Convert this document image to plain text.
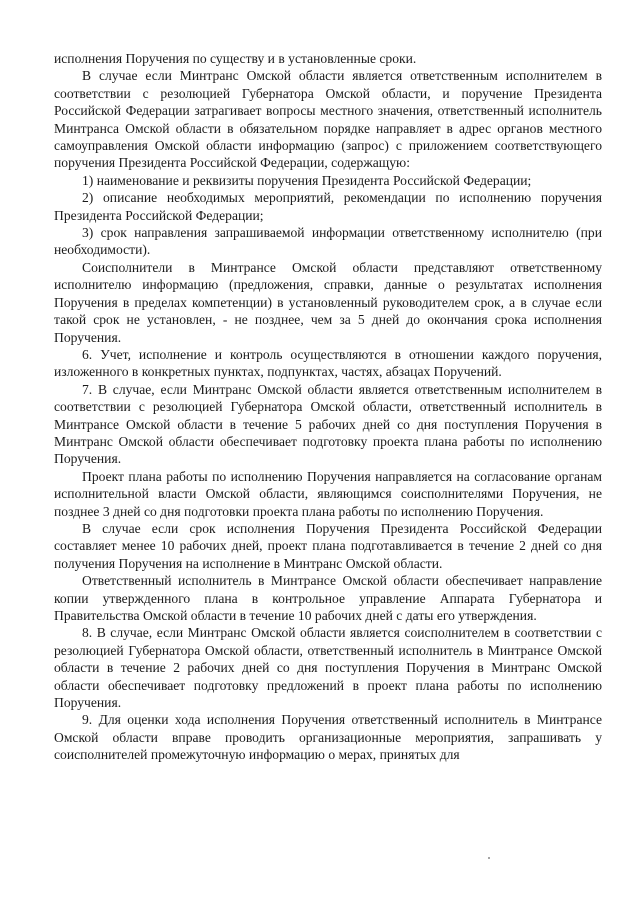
исполнения Поручения по существу и в установленные сроки.

В случае если Минтранс Омской области является ответственным исполнителем в соответствии с резолюцией Губернатора Омской области, и поручение Президента Российской Федерации затрагивает вопросы местного значения, ответственный исполнитель Минтранса Омской области в обязательном порядке направляет в адрес органов местного самоуправления Омской области информацию (запрос) с приложением соответствующего поручения Президента Российской Федерации, содержащую:

1) наименование и реквизиты поручения Президента Российской Федерации;

2) описание необходимых мероприятий, рекомендации по исполнению поручения Президента Российской Федерации;

3) срок направления запрашиваемой информации ответственному исполнителю (при необходимости).

Соисполнители в Минтрансе Омской области представляют ответственному исполнителю информацию (предложения, справки, данные о результатах исполнения Поручения в пределах компетенции) в установленный руководителем срок, а в случае если такой срок не установлен, - не позднее, чем за 5 дней до окончания срока исполнения Поручения.

6. Учет, исполнение и контроль осуществляются в отношении каждого поручения, изложенного в конкретных пунктах, подпунктах, частях, абзацах Поручений.

7. В случае, если Минтранс Омской области является ответственным исполнителем в соответствии с резолюцией Губернатора Омской области, ответственный исполнитель в Минтрансе Омской области в течение 5 рабочих дней со дня поступления Поручения в Минтранс Омской области обеспечивает подготовку проекта плана работы по исполнению Поручения.

Проект плана работы по исполнению Поручения направляется на согласование органам исполнительной власти Омской области, являющимся соисполнителями Поручения, не позднее 3 дней со дня подготовки проекта плана работы по исполнению Поручения.

В случае если срок исполнения Поручения Президента Российской Федерации составляет менее 10 рабочих дней, проект плана подготавливается в течение 2 дней со дня получения Поручения на исполнение в Минтранс Омской области.

Ответственный исполнитель в Минтрансе Омской области обеспечивает направление копии утвержденного плана в контрольное управление Аппарата Губернатора и Правительства Омской области в течение 10 рабочих дней с даты его утверждения.

8. В случае, если Минтранс Омской области является соисполнителем в соответствии с резолюцией Губернатора Омской области, ответственный исполнитель в Минтрансе Омской области в течение 2 рабочих дней со дня поступления Поручения в Минтранс Омской области обеспечивает подготовку предложений в проект плана работы по исполнению Поручения.

9. Для оценки хода исполнения Поручения ответственный исполнитель в Минтрансе Омской области вправе проводить организационные мероприятия, запрашивать у соисполнителей промежуточную информацию о мерах, принятых для
